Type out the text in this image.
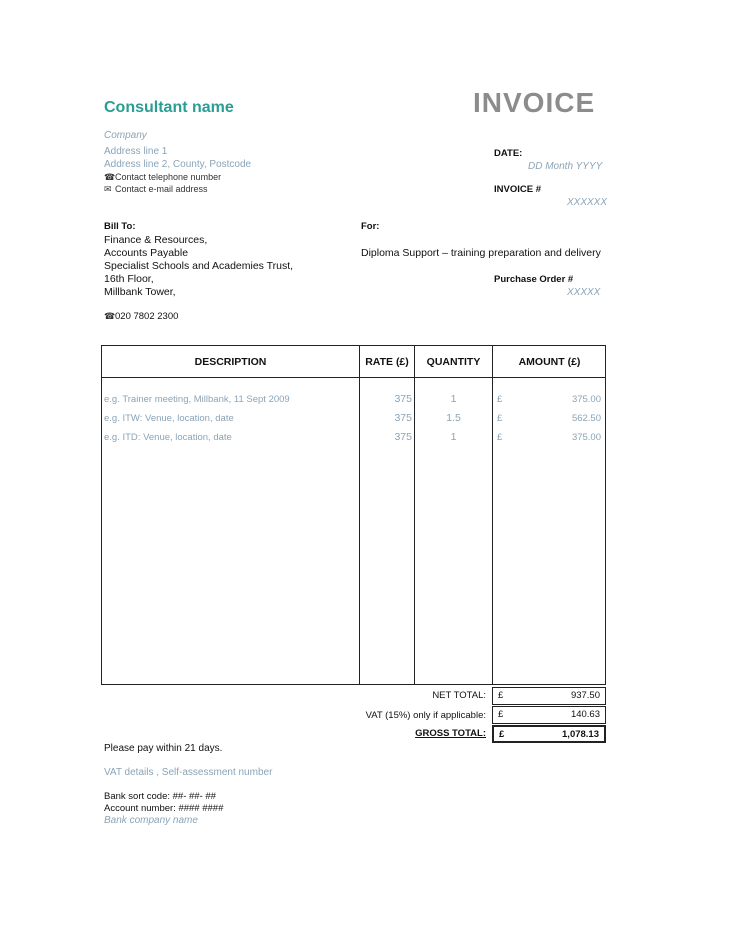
Consultant name	INVOICE
Company
Address line 1
Address line 2, County, Postcode
☎Contact telephone number
✉ Contact e-mail address
DATE:
DD Month YYYY
INVOICE #
XXXXXX
Bill To:
Finance & Resources,
Accounts Payable
Specialist Schools and Academies Trust,
16th Floor,
Millbank Tower,
☎020 7802 2300
For:
Diploma Support – training preparation and delivery
Purchase Order #
XXXXX
DESCRIPTION	RATE (£)	QUANTITY	AMOUNT (£)
e.g. Trainer meeting, Millbank, 11 Sept 2009	375	1	£	375.00
e.g. ITW: Venue, location, date	375	1.5	£	562.50
e.g. ITD: Venue, location, date	375	1	£	375.00
NET TOTAL: £	937.50
VAT (15%) only if applicable: £	140.63
GROSS TOTAL: £	1,078.13
Please pay within 21 days.
VAT details , Self-assessment number
Bank sort code: ##- ##- ##
Account number: #### ####
Bank company name
